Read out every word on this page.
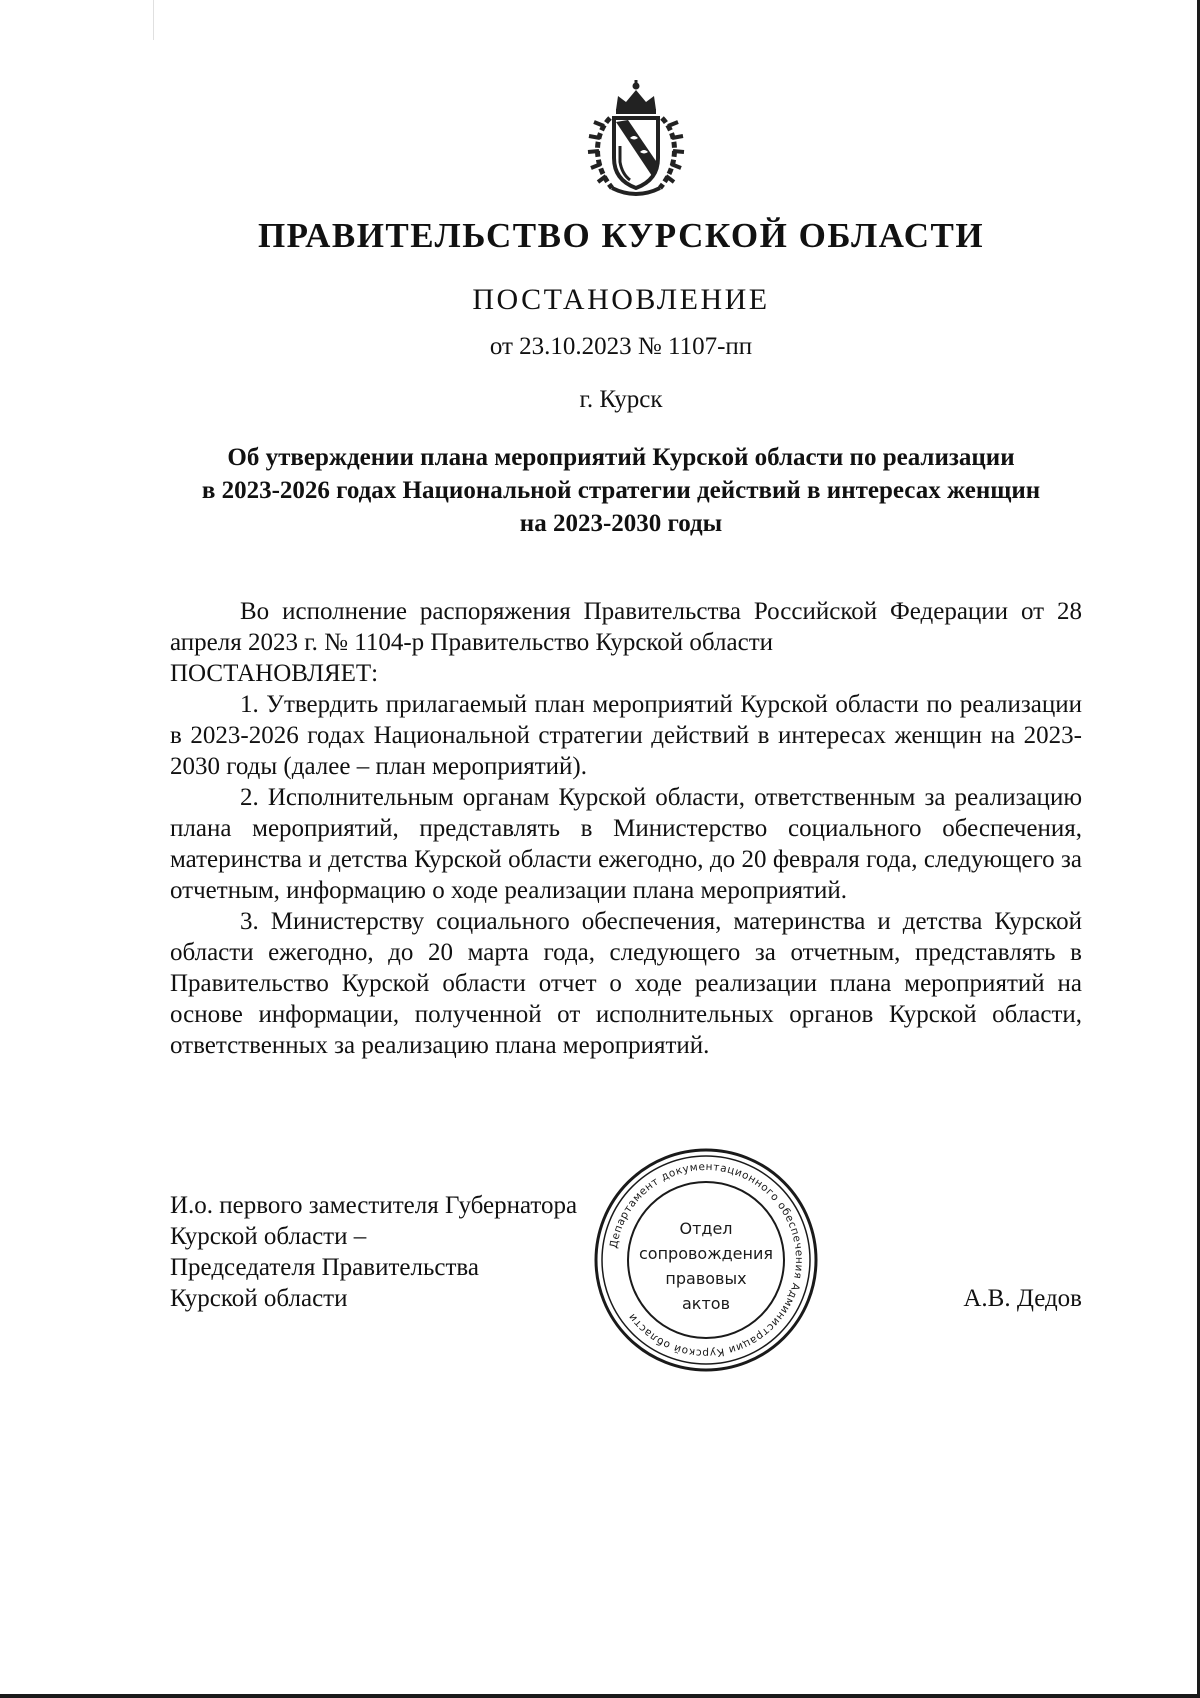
ПРАВИТЕЛЬСТВО КУРСКОЙ ОБЛАСТИ
ПОСТАНОВЛЕНИЕ
от 23.10.2023 № 1107-пп
г. Курск
Об утверждении плана мероприятий Курской области по реализации
в 2023-2026 годах Национальной стратегии действий в интересах женщин
на 2023-2030 годы

Во исполнение распоряжения Правительства Российской Федерации от 28 апреля 2023 г. № 1104-р Правительство Курской области

ПОСТАНОВЛЯЕТ:

1. Утвердить прилагаемый план мероприятий Курской области по реализации в 2023-2026 годах Национальной стратегии действий в интересах женщин на 2023-2030 годы (далее – план мероприятий).

2. Исполнительным органам Курской области, ответственным за реализацию плана мероприятий, представлять в Министерство социального обеспечения, материнства и детства Курской области ежегодно, до 20 февраля года, следующего за отчетным, информацию о ходе реализации плана мероприятий.

3. Министерству социального обеспечения, материнства и детства Курской области ежегодно, до 20 марта года, следующего за отчетным, представлять в Правительство Курской области отчет о ходе реализации плана мероприятий на основе информации, полученной от исполнительных органов Курской области, ответственных за реализацию плана мероприятий.

И.о. первого заместителя Губернатора
Курской области –
Председателя Правительства
Курской области	А.В. Дедов
Департамент документационного обеспечения Администрации Курской области
Отдел
сопровождения
правовых
актов
